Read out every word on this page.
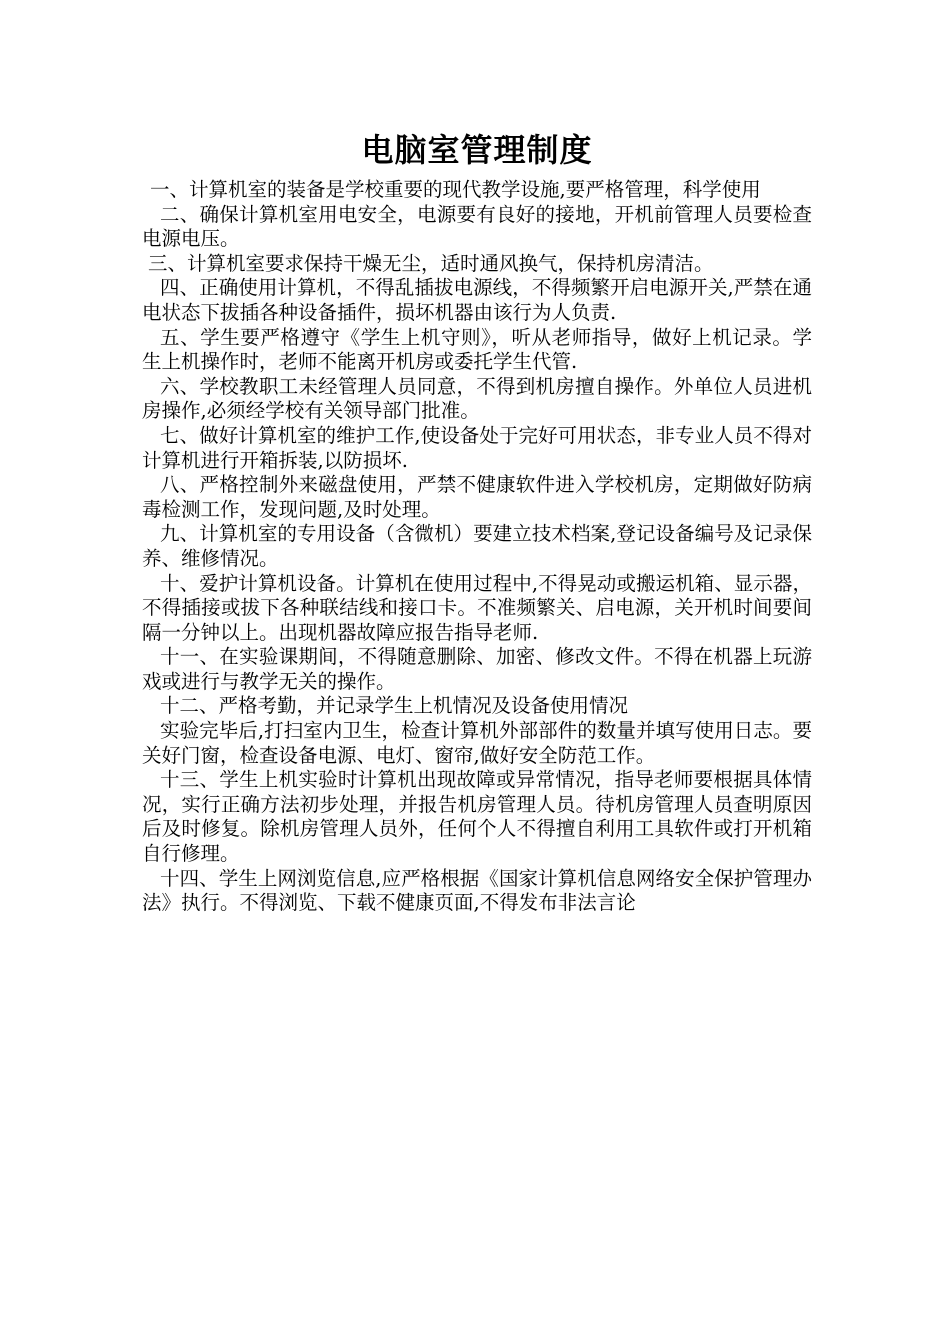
电脑室管理制度

一、计算机室的装备是学校重要的现代教学设施,要严格管理，科学使用

二、确保计算机室用电安全，电源要有良好的接地，开机前管理人员要检查电源电压。

三、计算机室要求保持干燥无尘，适时通风换气，保持机房清洁。

四、正确使用计算机，不得乱插拔电源线，不得频繁开启电源开关,严禁在通电状态下拔插各种设备插件，损坏机器由该行为人负责.

五、学生要严格遵守《学生上机守则》，听从老师指导，做好上机记录。学生上机操作时，老师不能离开机房或委托学生代管.

六、学校教职工未经管理人员同意，不得到机房擅自操作。外单位人员进机房操作,必须经学校有关领导部门批准。

七、做好计算机室的维护工作,使设备处于完好可用状态，非专业人员不得对计算机进行开箱拆装,以防损坏.

八、严格控制外来磁盘使用，严禁不健康软件进入学校机房，定期做好防病毒检测工作，发现问题,及时处理。

九、计算机室的专用设备（含微机）要建立技术档案,登记设备编号及记录保养、维修情况。

十、爱护计算机设备。计算机在使用过程中,不得晃动或搬运机箱、显示器，不得插接或拔下各种联结线和接口卡。不准频繁关、启电源，关开机时间要间隔一分钟以上。出现机器故障应报告指导老师.

十一、在实验课期间，不得随意删除、加密、修改文件。不得在机器上玩游戏或进行与教学无关的操作。

十二、严格考勤，并记录学生上机情况及设备使用情况

实验完毕后,打扫室内卫生，检查计算机外部部件的数量并填写使用日志。要关好门窗，检查设备电源、电灯、窗帘,做好安全防范工作。

十三、学生上机实验时计算机出现故障或异常情况，指导老师要根据具体情况，实行正确方法初步处理，并报告机房管理人员。待机房管理人员查明原因后及时修复。除机房管理人员外，任何个人不得擅自利用工具软件或打开机箱自行修理。

十四、学生上网浏览信息,应严格根据《国家计算机信息网络安全保护管理办法》执行。不得浏览、下载不健康页面,不得发布非法言论
